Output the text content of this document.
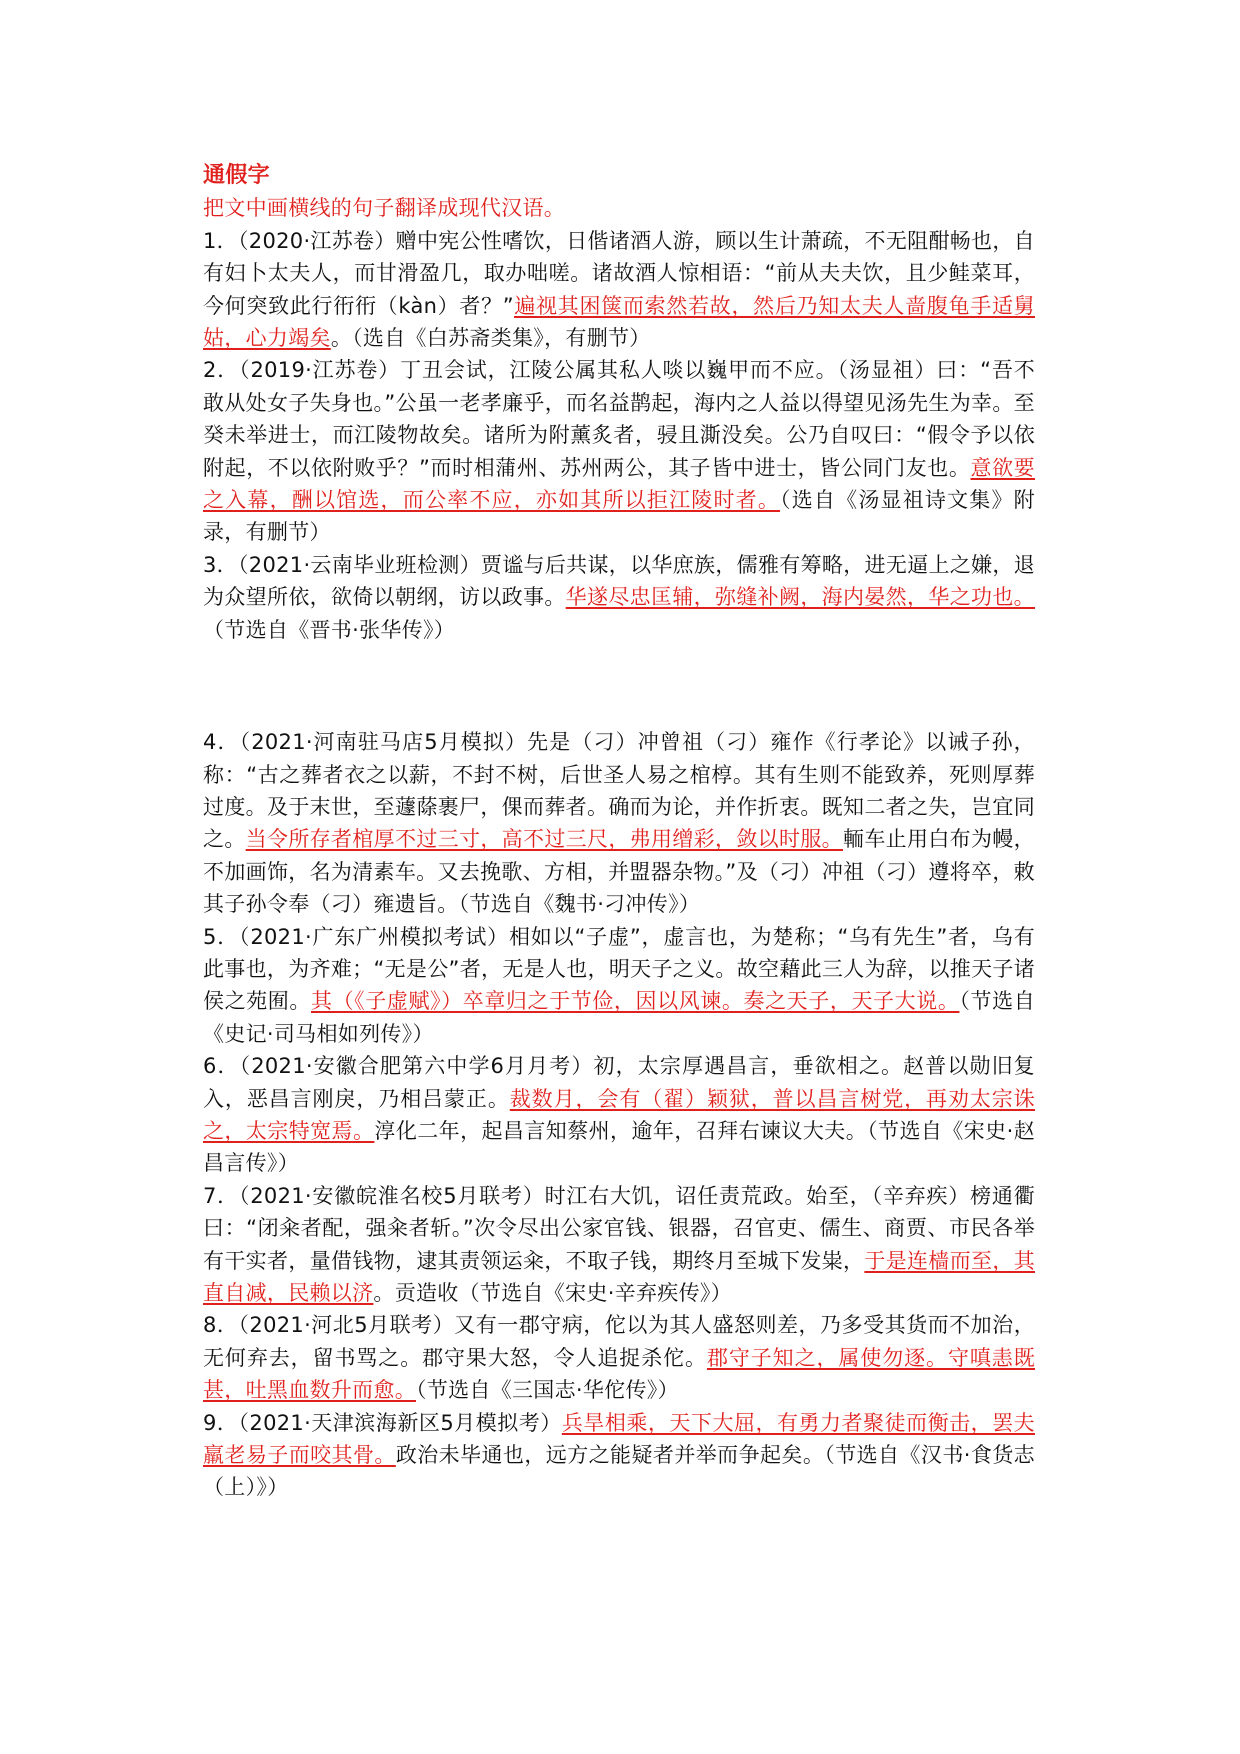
通假字
把文中画横线的句子翻译成现代汉语。
1．（2020·江苏卷）赠中宪公性嗜饮，日偕诸酒人游，顾以生计萧疏，不无阻酣畅也，自有妇卜太夫人，而甘滑盈几，取办咄嗟。诸故酒人惊相语：“前从夫夫饮，且少鲑菜耳，今何突致此行衎衎（kàn）者？”遍视其困箧而索然若故，然后乃知太夫人啬腹龟手适舅姑，心力竭矣。（选自《白苏斋类集》，有删节）
2．（2019·江苏卷）丁丑会试，江陵公属其私人啖以巍甲而不应。（汤显祖）曰：“吾不敢从处女子失身也。”公虽一老孝廉乎，而名益鹊起，海内之人益以得望见汤先生为幸。至癸未举进士，而江陵物故矣。诸所为附薰炙者，骎且澌没矣。公乃自叹曰：“假令予以依附起，不以依附败乎？”而时相蒲州、苏州两公，其子皆中进士，皆公同门友也。意欲要之入幕，酬以馆选，而公率不应，亦如其所以拒江陵时者。（选自《汤显祖诗文集》附录，有删节）
3．（2021·云南毕业班检测）贾谧与后共谋，以华庶族，儒雅有筹略，进无逼上之嫌，退为众望所依，欲倚以朝纲，访以政事。华遂尽忠匡辅，弥缝补阙，海内晏然，华之功也。（节选自《晋书·张华传》）
4．（2021·河南驻马店5月模拟）先是（刁）冲曾祖（刁）雍作《行孝论》以诫子孙，称：“古之葬者衣之以薪，不封不树，后世圣人易之棺椁。其有生则不能致养，死则厚葬过度。及于末世，至蘧蒢裹尸，倮而葬者。确而为论，并作折衷。既知二者之失，岂宜同之。当令所存者棺厚不过三寸，高不过三尺，弗用缯彩，敛以时服。輀车止用白布为幔，不加画饰，名为清素车。又去挽歌、方相，并盟器杂物。”及（刁）冲祖（刁）遵将卒，敕其子孙令奉（刁）雍遗旨。（节选自《魏书·刁冲传》）
5．（2021·广东广州模拟考试）相如以“子虚”，虚言也，为楚称；“乌有先生”者，乌有此事也，为齐难；“无是公”者，无是人也，明天子之义。故空藉此三人为辞，以推天子诸侯之苑囿。其（《子虚赋》）卒章归之于节俭，因以风谏。奏之天子，天子大说。（节选自《史记·司马相如列传》）
6．（2021·安徽合肥第六中学6月月考）初，太宗厚遇昌言，垂欲相之。赵普以勋旧复入，恶昌言刚戾，乃相吕蒙正。裁数月，会有（翟）颖狱，普以昌言树党，再劝太宗诛之，太宗特宽焉。淳化二年，起昌言知蔡州，逾年，召拜右谏议大夫。（节选自《宋史·赵昌言传》）
7．（2021·安徽皖淮名校5月联考）时江右大饥，诏任责荒政。始至，（辛弃疾）榜通衢曰：“闭籴者配，强籴者斩。”次令尽出公家官钱、银器，召官吏、儒生、商贾、市民各举有干实者，量借钱物，逮其责领运籴，不取子钱，期终月至城下发粜，于是连樯而至，其直自减，民赖以济。贡造收（节选自《宋史·辛弃疾传》）
8．（2021·河北5月联考）又有一郡守病，佗以为其人盛怒则差，乃多受其货而不加治，无何弃去，留书骂之。郡守果大怒，令人追捉杀佗。郡守子知之，属使勿逐。守嗔恚既甚，吐黑血数升而愈。（节选自《三国志·华佗传》）
9．（2021·天津滨海新区5月模拟考）兵旱相乘，天下大屈，有勇力者聚徒而衡击，罢夫羸老易子而咬其骨。政治未毕通也，远方之能疑者并举而争起矣。（节选自《汉书·食货志（上）》）
